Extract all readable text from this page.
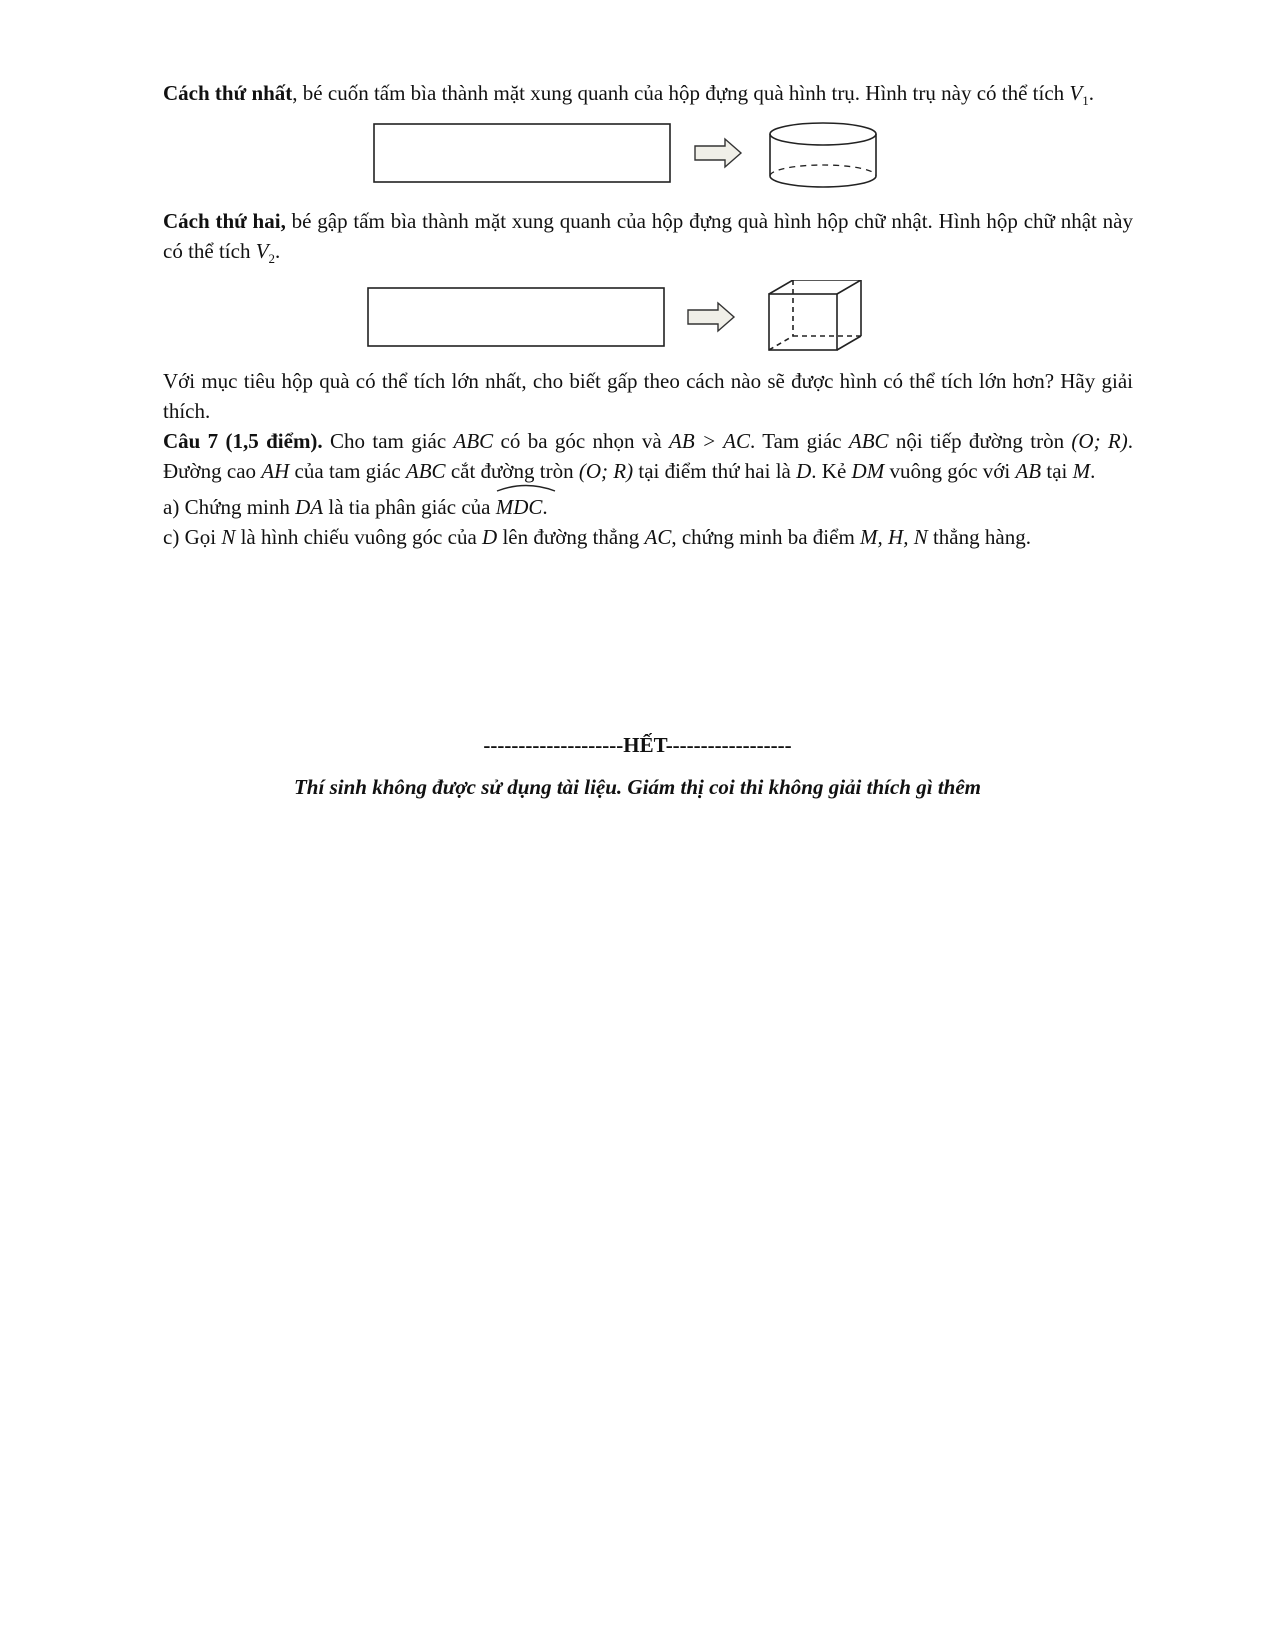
Cách thứ nhất, bé cuốn tấm bìa thành mặt xung quanh của hộp đựng quà hình trụ. Hình trụ này có thể tích $V_1$.

Cách thứ hai, bé gập tấm bìa thành mặt xung quanh của hộp đựng quà hình hộp chữ nhật. Hình hộp chữ nhật này có thể tích $V_2$.

Với mục tiêu hộp quà có thể tích lớn nhất, cho biết gấp theo cách nào sẽ được hình có thể tích lớn hơn? Hãy giải thích.

Câu 7 (1,5 điểm). Cho tam giác ABC có ba góc nhọn và AB > AC. Tam giác ABC nội tiếp đường tròn (O; R). Đường cao AH của tam giác ABC cắt đường tròn (O; R) tại điểm thứ hai là D. Kẻ DM vuông góc với AB tại M.

a) Chứng minh DA là tia phân giác của
MDC.

c) Gọi N là hình chiếu vuông góc của D lên đường thẳng AC, chứng minh ba điểm M, H, N thẳng hàng.

--------------------HẾT------------------
Thí sinh không được sử dụng tài liệu. Giám thị coi thi không giải thích gì thêm
